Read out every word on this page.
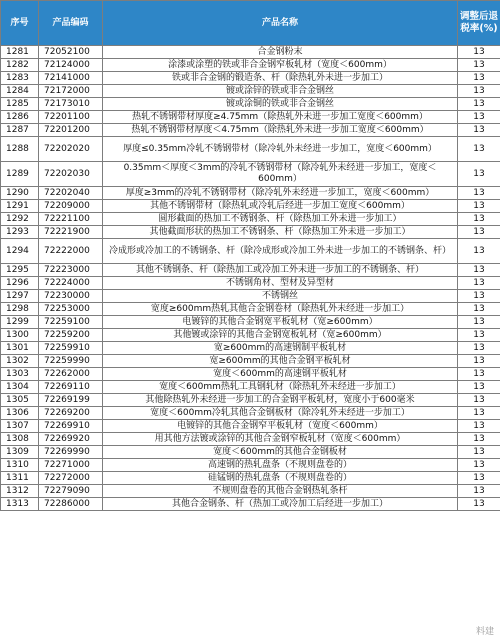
序号	产品编码	产品名称	调整后退税率(%)
1281	72052100	合金钢粉末	13
1282	72124000	涂漆或涂塑的铁或非合金钢窄板轧材（宽度＜600mm）	13
1283	72141000	铁或非合金钢的锻造条、杆（除热轧外未进一步加工）	13
1284	72172000	镀或涂锌的铁或非合金钢丝	13
1285	72173010	镀或涂铜的铁或非合金钢丝	13
1286	72201100	热轧不锈钢带材厚度≥4.75mm（除热轧外未进一步加工宽度＜600mm）	13
1287	72201200	热轧不锈钢带材厚度＜4.75mm（除热轧外未进一步加工宽度＜600mm）	13
1288	72202020	厚度≤0.35mm冷轧不锈钢带材（除冷轧外未经进一步加工，宽度＜600mm）	13
1289	72202030	0.35mm＜厚度＜3mm的冷轧不锈钢带材（除冷轧外未经进一步加工，宽度＜600mm）	13
1290	72202040	厚度≥3mm的冷轧不锈钢带材（除冷轧外未经进一步加工，宽度＜600mm）	13
1291	72209000	其他不锈钢带材（除热轧或冷轧后经进一步加工宽度＜600mm）	13
1292	72221100	圆形截面的热加工不锈钢条、杆（除热加工外未进一步加工）	13
1293	72221900	其他截面形状的热加工不锈钢条、杆（除热加工外未进一步加工）	13
1294	72222000	冷成形或冷加工的不锈钢条、杆（除冷成形或冷加工外未进一步加工的不锈钢条、杆）	13
1295	72223000	其他不锈钢条、杆（除热加工或冷加工外未进一步加工的不锈钢条、杆）	13
1296	72224000	不锈钢角材、型材及异型材	13
1297	72230000	不锈钢丝	13
1298	72253000	宽度≥600mm热轧其他合金钢卷材（除热轧外未经进一步加工）	13
1299	72259100	电镀锌的其他合金钢宽平板轧材（宽≥600mm）	13
1300	72259200	其他镀或涂锌的其他合金钢宽板轧材（宽≥600mm）	13
1301	72259910	宽≥600mm的高速钢制平板轧材	13
1302	72259990	宽≥600mm的其他合金钢平板轧材	13
1303	72262000	宽度＜600mm的高速钢平板轧材	13
1304	72269110	宽度＜600mm热轧工具钢轧材（除热轧外未经进一步加工）	13
1305	72269199	其他除热轧外未经进一步加工的合金钢平板轧材，宽度小于600毫米	13
1306	72269200	宽度＜600mm冷轧其他合金钢板材（除冷轧外未经进一步加工）	13
1307	72269910	电镀锌的其他合金钢窄平板轧材（宽度＜600mm）	13
1308	72269920	用其他方法镀或涂锌的其他合金钢窄板轧材（宽度＜600mm）	13
1309	72269990	宽度＜600mm的其他合金钢板材	13
1310	72271000	高速钢的热轧盘条（不规则盘卷的）	13
1311	72272000	硅锰钢的热轧盘条（不规则盘卷的）	13
1312	72279090	不规则盘卷的其他合金钢热轧条杆	13
1313	72286000	其他合金钢条、杆（热加工或冷加工后经进一步加工）	13
料建
